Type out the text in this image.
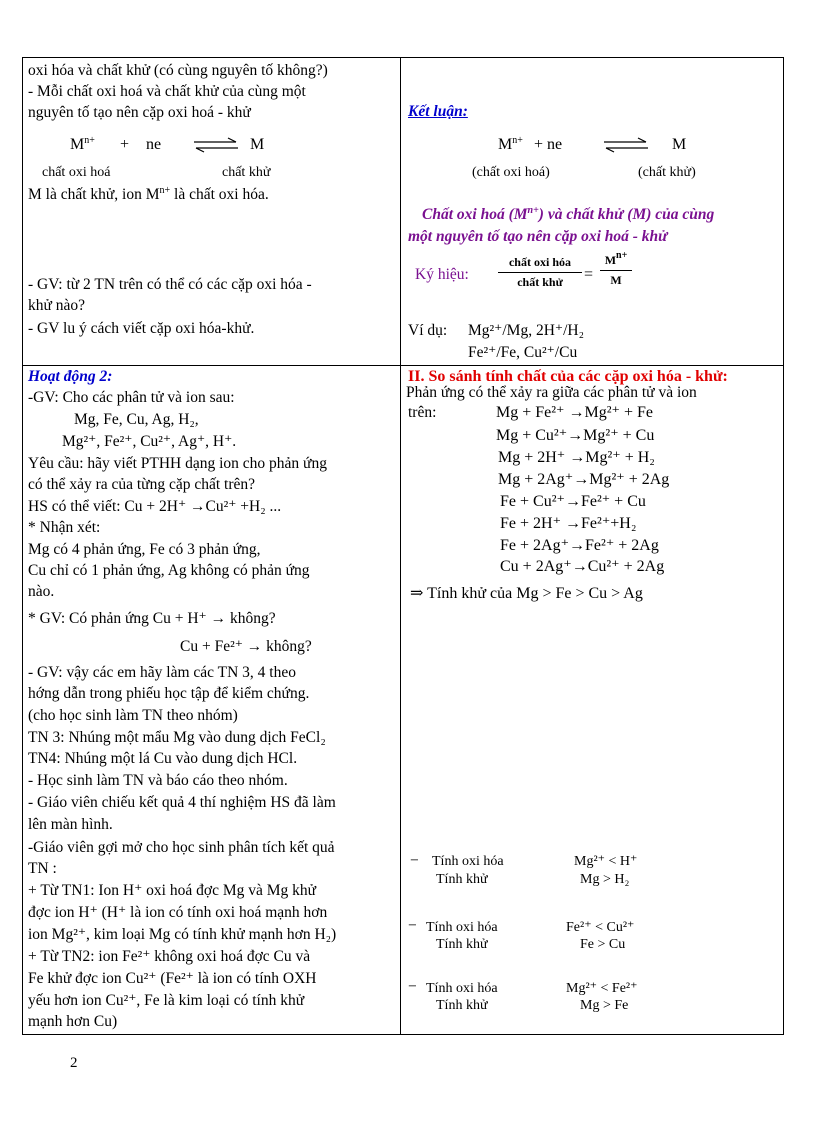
oxi hóa và chất khử (có cùng nguyên tố không?)
- Mỗi chất oxi hoá và chất khử của cùng một
nguyên tố tạo nên cặp oxi hoá - khử
$M^{n+}$ + ne ⇌ M
chất oxi hoá	chất khử
M là chất khử, ion $M^{n+}$ là chất oxi hóa.
- GV: từ 2 TN trên có thể có các cặp oxi hóa -
khử nào?
- GV lu ý cách viết cặp oxi hóa-khử.
Kết luận:
$M^{n+}$ + ne ⇌ M
(chất oxi hoá)	(chất khử)
Chất oxi hoá $(M^{n+})$ và chất khử (M) của cùng
một nguyên tố tạo nên cặp oxi hoá - khử
Ký hiệu:
chất oxi hóa
chất khử	= $\frac{M^{n+}}{M}$
Ví dụ: Mg²⁺/Mg, 2H⁺/H₂
Fe²⁺/Fe, Cu²⁺/Cu
Hoạt động 2:
-GV: Cho các phân tử và ion sau:
Mg, Fe, Cu, Ag, H₂,
Mg²⁺, Fe²⁺, Cu²⁺, Ag⁺, H⁺.
Yêu cầu: hãy viết PTHH dạng ion cho phản ứng
có thể xảy ra của từng cặp chất trên?
HS có thể viết: Cu + 2H⁺ →Cu²⁺ +H₂ ...
* Nhận xét:
Mg có 4 phản ứng, Fe có 3 phản ứng,
Cu chỉ có 1 phản ứng, Ag không có phản ứng
nào.
* GV: Có phản ứng Cu + H⁺ → không?
Cu + Fe²⁺ → không?
- GV: vậy các em hãy làm các TN 3, 4 theo
hớng dẫn trong phiếu học tập để kiểm chứng.
(cho học sinh làm TN theo nhóm)
TN 3: Nhúng một mẩu Mg vào dung dịch FeCl₂
TN4: Nhúng một lá Cu vào dung dịch HCl.
- Học sinh làm TN và báo cáo theo nhóm.
- Giáo viên chiếu kết quả 4 thí nghiệm HS đã làm
lên màn hình.
-Giáo viên gợi mở cho học sinh phân tích kết quả
TN :
+ Từ TN1: Ion H⁺ oxi hoá đợc Mg và Mg khử
đợc ion H⁺ (H⁺ là ion có tính oxi hoá mạnh hơn
ion Mg²⁺, kim loại Mg có tính khử mạnh hơn H₂)
+ Từ TN2: ion Fe²⁺ không oxi hoá đợc Cu và
Fe khử đợc ion Cu²⁺ (Fe²⁺ là ion có tính OXH
yếu hơn ion Cu²⁺, Fe là kim loại có tính khử
mạnh hơn Cu)
II. So sánh tính chất của các cặp oxi hóa - khử:
Phản ứng có thể xảy ra giữa các phân tử và ion
trên:	Mg + Fe²⁺ →Mg²⁺ + Fe
Mg + Cu²⁺→Mg²⁺ + Cu
Mg + 2H⁺ →Mg²⁺ + H₂
Mg + 2Ag⁺→Mg²⁺ + 2Ag
Fe + Cu²⁺→Fe²⁺ + Cu
Fe + 2H⁺ →Fe²⁺+H₂
Fe + 2Ag⁺→Fe²⁺ + 2Ag
Cu + 2Ag⁺→Cu²⁺ + 2Ag
⇒ Tính khử của Mg > Fe > Cu > Ag
− Tính oxi hóa	Mg²⁺ < H⁺
Tính khử	Mg > H₂
− Tính oxi hóa	Fe²⁺ < Cu²⁺
Tính khử	Fe > Cu
− Tính oxi hóa	Mg²⁺ < Fe²⁺
Tính khử	Mg > Fe
2
